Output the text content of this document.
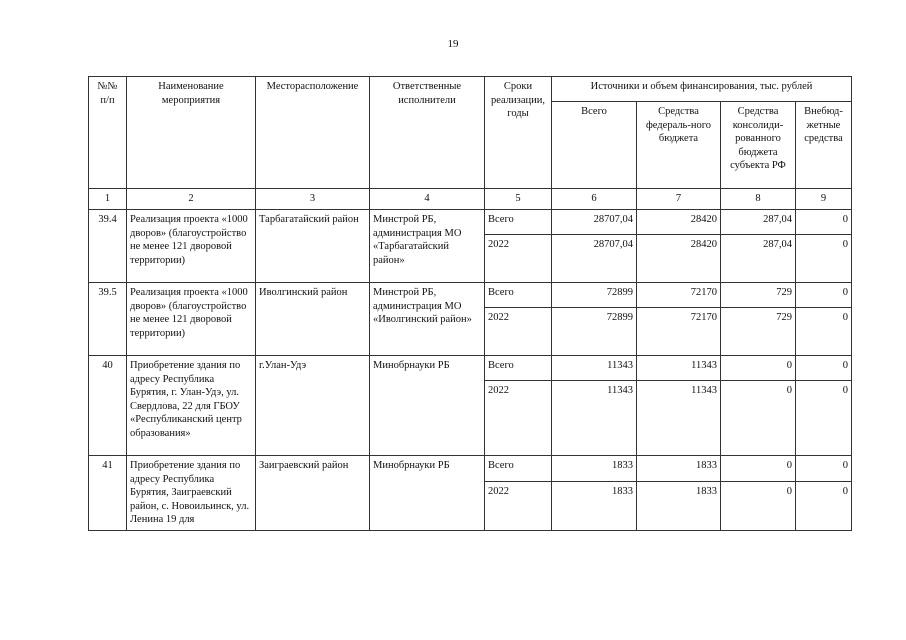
19
№№ п/п	Наименование мероприятия	Месторасположение	Ответственные исполнители	Сроки реализации, годы	Источники и объем финансирования, тыс. рублей			
					Всего	Средства федераль-ного бюджета	Средства консолиди-рованного бюджета субъекта РФ	Внебюд-жетные средства
1	2	3	4	5	6	7	8	9
39.4	Реализация проекта «1000 дворов» (благоустройство не менее 121 дворовой территории)	Тарбагатайский район	Минстрой РБ, администрация МО «Тарбагатайский район»	Всего	28707,04	28420	287,04	0
				2022	28707,04	28420	287,04	0
39.5	Реализация проекта «1000 дворов» (благоустройство не менее 121 дворовой территории)	Иволгинский район	Минстрой РБ, администрация МО «Иволгинский район»	Всего	72899	72170	729	0
				2022	72899	72170	729	0
40	Приобретение здания по адресу Республика Бурятия, г. Улан-Удэ, ул. Свердлова, 22 для ГБОУ «Республиканский центр образования»	г.Улан-Удэ	Минобрнауки РБ	Всего	11343	11343	0	0
				2022	11343	11343	0	0
41	Приобретение здания по адресу Республика Бурятия, Заиграевский район, с. Новоильинск, ул. Ленина 19 для	Заиграевский район	Минобрнауки РБ	Всего	1833	1833	0	0
				2022	1833	1833	0	0
